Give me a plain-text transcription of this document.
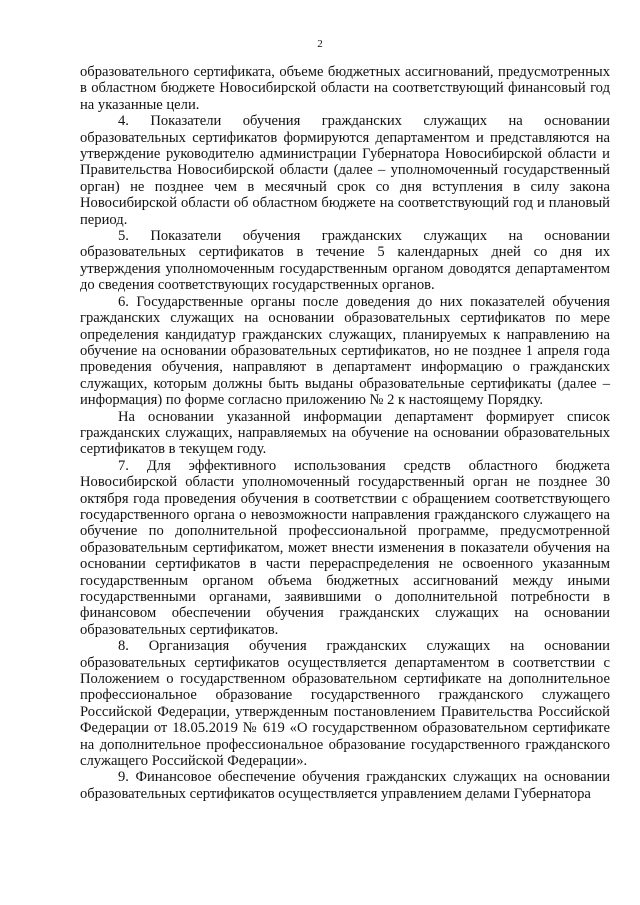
2

образовательного сертификата, объеме бюджетных ассигнований, предусмотренных в областном бюджете Новосибирской области на соответствующий финансовый год на указанные цели.

4. Показатели обучения гражданских служащих на основании образовательных сертификатов формируются департаментом и представляются на утверждение руководителю администрации Губернатора Новосибирской области и Правительства Новосибирской области (далее – уполномоченный государственный орган) не позднее чем в месячный срок со дня вступления в силу закона Новосибирской области об областном бюджете на соответствующий год и плановый период.

5. Показатели обучения гражданских служащих на основании образовательных сертификатов в течение 5 календарных дней со дня их утверждения уполномоченным государственным органом доводятся департаментом до сведения соответствующих государственных органов.

6. Государственные органы после доведения до них показателей обучения гражданских служащих на основании образовательных сертификатов по мере определения кандидатур гражданских служащих, планируемых к направлению на обучение на основании образовательных сертификатов, но не позднее 1 апреля года проведения обучения, направляют в департамент информацию о гражданских служащих, которым должны быть выданы образовательные сертификаты (далее – информация) по форме согласно приложению № 2 к настоящему Порядку.

На основании указанной информации департамент формирует список гражданских служащих, направляемых на обучение на основании образовательных сертификатов в текущем году.

7. Для эффективного использования средств областного бюджета Новосибирской области уполномоченный государственный орган не позднее 30 октября года проведения обучения в соответствии с обращением соответствующего государственного органа о невозможности направления гражданского служащего на обучение по дополнительной профессиональной программе, предусмотренной образовательным сертификатом, может внести изменения в показатели обучения на основании сертификатов в части перераспределения не освоенного указанным государственным органом объема бюджетных ассигнований между иными государственными органами, заявившими о дополнительной потребности в финансовом обеспечении обучения гражданских служащих на основании образовательных сертификатов.

8. Организация обучения гражданских служащих на основании образовательных сертификатов осуществляется департаментом в соответствии с Положением о государственном образовательном сертификате на дополнительное профессиональное образование государственного гражданского служащего Российской Федерации, утвержденным постановлением Правительства Российской Федерации от 18.05.2019 № 619 «О государственном образовательном сертификате на дополнительное профессиональное образование государственного гражданского служащего Российской Федерации».

9. Финансовое обеспечение обучения гражданских служащих на основании образовательных сертификатов осуществляется управлением делами Губернатора
